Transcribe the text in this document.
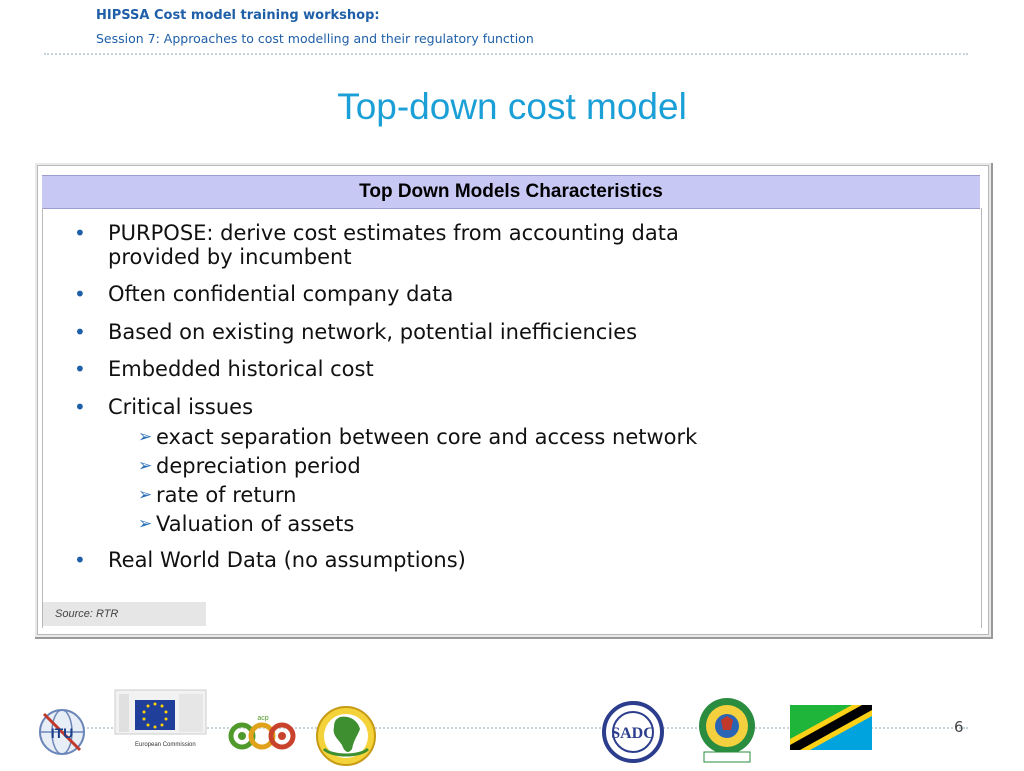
HIPSSA Cost model training workshop:
Session 7: Approaches to cost modelling and their regulatory function
Top-down cost model
Top Down Models Characteristics
• PURPOSE: derive cost estimates from accounting data
provided by incumbent
• Often confidential company data
• Based on existing network, potential inefficiencies
• Embedded historical cost
• Critical issues
➢ exact separation between core and access network
➢ depreciation period
➢ rate of return
➢ Valuation of assets
• Real World Data (no assumptions)
Source: RTR
6
ITU
European Commission
acp
SADC
